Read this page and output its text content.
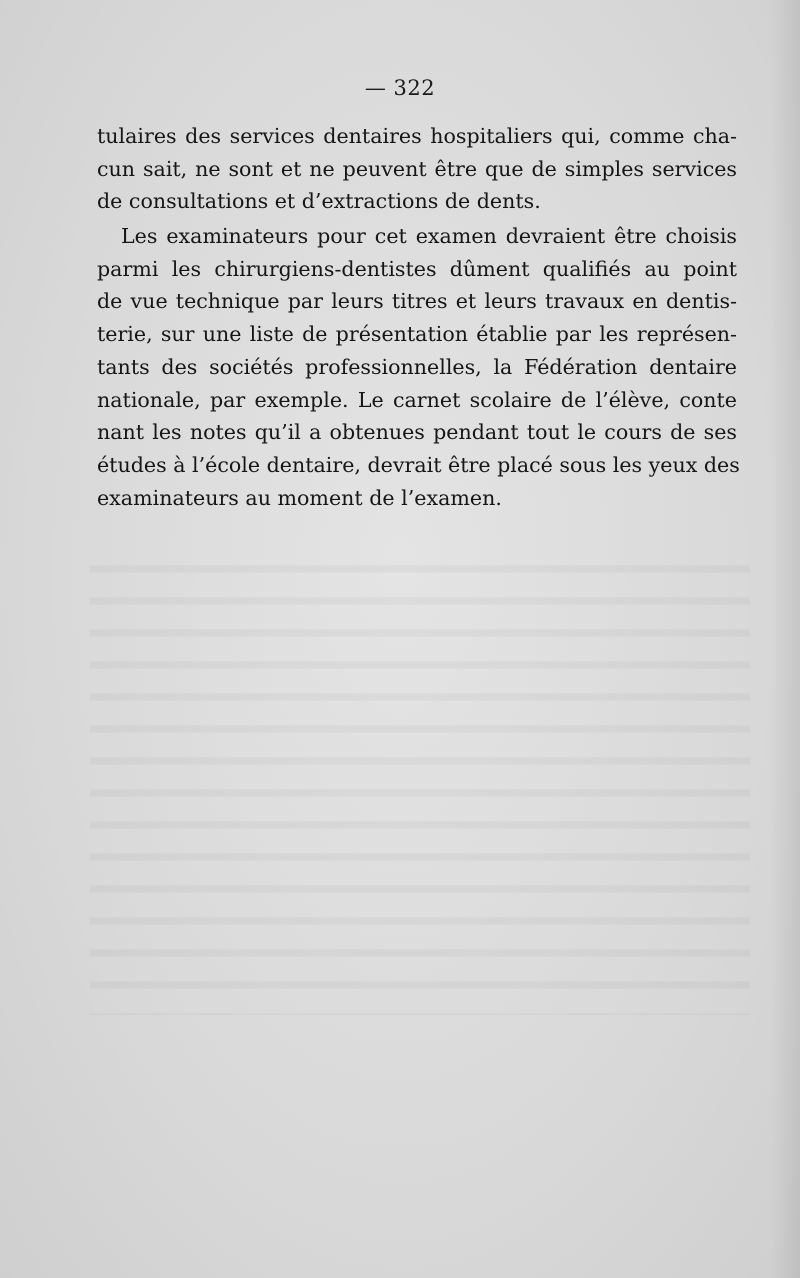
— 322
tulaires des services dentaires hospitaliers qui, comme cha-
cun sait, ne sont et ne peuvent être que de simples services
de consultations et d’extractions de dents.
Les examinateurs pour cet examen devraient être choisis
parmi les chirurgiens-dentistes dûment qualifiés au point
de vue technique par leurs titres et leurs travaux en dentis-
terie, sur une liste de présentation établie par les représen-
tants des sociétés professionnelles, la Fédération dentaire
nationale, par exemple. Le carnet scolaire de l’élève, conte
nant les notes qu’il a obtenues pendant tout le cours de ses
études à l’école dentaire, devrait être placé sous les yeux des
examinateurs au moment de l’examen.
